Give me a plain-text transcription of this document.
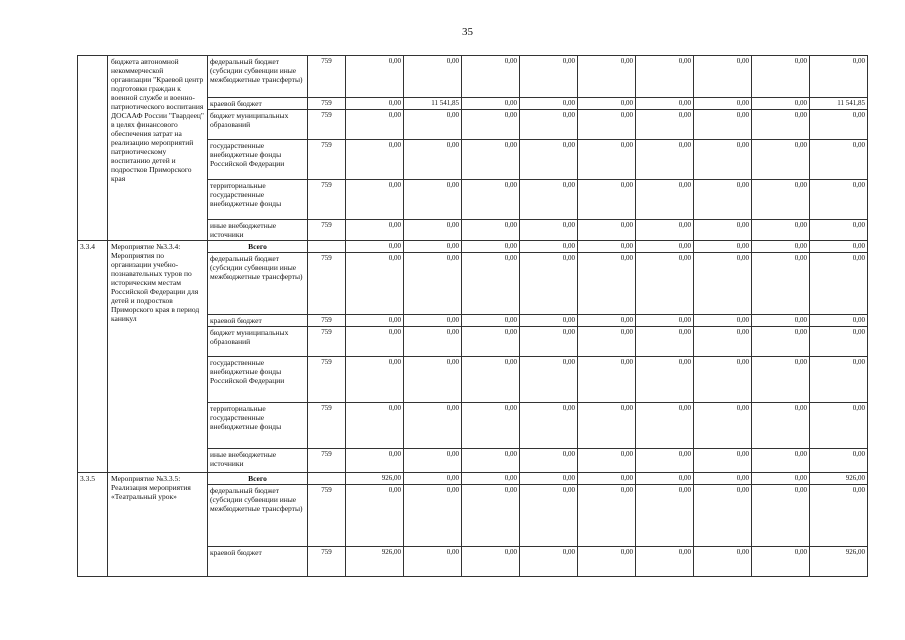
35
	бюджета автономной некоммерческой организации "Краевой центр подготовки граждан к военной службе и военно-патриотического воспитания ДОСААФ России "Гвардеец" в целях финансового обеспечения затрат на реализацию мероприятий патриотическому воспитанию детей и подростков Приморского края	федеральный бюджет (субсидии субвенции иные межбюджетные трансферты)	759	0,00	0,00	0,00	0,00	0,00	0,00	0,00	0,00	0,00
		краевой бюджет	759	0,00	11 541,85	0,00	0,00	0,00	0,00	0,00	0,00	11 541,85
		бюджет муниципальных образований	759	0,00	0,00	0,00	0,00	0,00	0,00	0,00	0,00	0,00
		государственные внебюджетные фонды Российской Федерации	759	0,00	0,00	0,00	0,00	0,00	0,00	0,00	0,00	0,00
		территориальные государственные внебюджетные фонды	759	0,00	0,00	0,00	0,00	0,00	0,00	0,00	0,00	0,00
		иные внебюджетные источники	759	0,00	0,00	0,00	0,00	0,00	0,00	0,00	0,00	0,00
3.3.4	Мероприятие №3.3.4: Мероприятия по организации учебно-познавательных туров по историческим местам Российской Федерации для детей и подростков Приморского края в период каникул	Всего		0,00	0,00	0,00	0,00	0,00	0,00	0,00	0,00	0,00
		федеральный бюджет (субсидии субвенции иные межбюджетные трансферты)	759	0,00	0,00	0,00	0,00	0,00	0,00	0,00	0,00	0,00
		краевой бюджет	759	0,00	0,00	0,00	0,00	0,00	0,00	0,00	0,00	0,00
		бюджет муниципальных образований	759	0,00	0,00	0,00	0,00	0,00	0,00	0,00	0,00	0,00
		государственные внебюджетные фонды Российской Федерации	759	0,00	0,00	0,00	0,00	0,00	0,00	0,00	0,00	0,00
		территориальные государственные внебюджетные фонды	759	0,00	0,00	0,00	0,00	0,00	0,00	0,00	0,00	0,00
		иные внебюджетные источники	759	0,00	0,00	0,00	0,00	0,00	0,00	0,00	0,00	0,00
3.3.5	Мероприятие №3.3.5: Реализация мероприятия «Театральный урок»	Всего		926,00	0,00	0,00	0,00	0,00	0,00	0,00	0,00	926,00
		федеральный бюджет (субсидии субвенции иные межбюджетные трансферты)	759	0,00	0,00	0,00	0,00	0,00	0,00	0,00	0,00	0,00
		краевой бюджет	759	926,00	0,00	0,00	0,00	0,00	0,00	0,00	0,00	926,00
